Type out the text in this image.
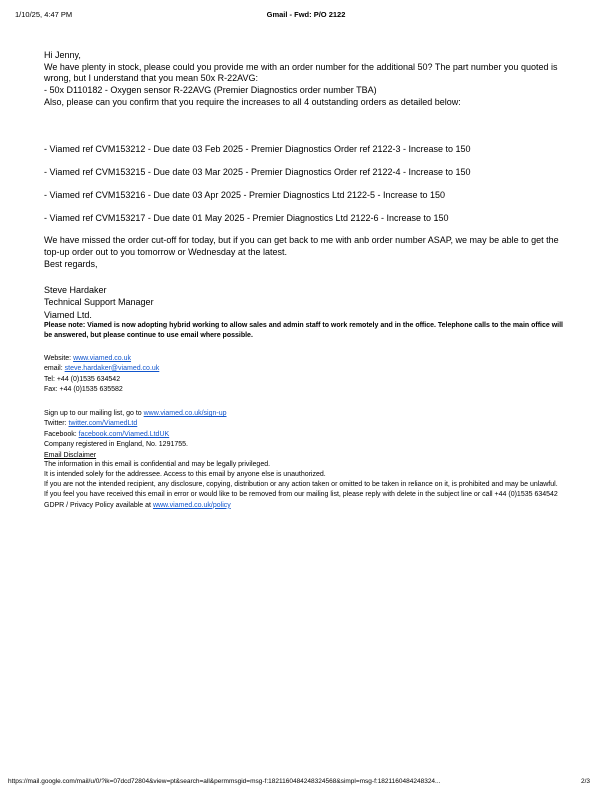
Gmail - Fwd: P/O 2122
1/10/25, 4:47 PM

Hi Jenny,

We have plenty in stock, please could you provide me with an order number for the additional 50? The part number you quoted is wrong, but I understand that you mean 50x R-22AVG:

- 50x D110182 - Oxygen sensor R-22AVG (Premier Diagnostics order number TBA)

Also, please can you confirm that you require the increases to all 4 outstanding orders as detailed below:

- Viamed ref CVM153212 - Due date 03 Feb 2025 - Premier Diagnostics Order ref 2122-3 - Increase to 150

- Viamed ref CVM153215 - Due date 03 Mar 2025 - Premier Diagnostics Order ref 2122-4 - Increase to 150

- Viamed ref CVM153216 - Due date 03 Apr 2025 - Premier Diagnostics Ltd 2122-5 - Increase to 150

- Viamed ref CVM153217 - Due date 01 May 2025 - Premier Diagnostics Ltd 2122-6 - Increase to 150

We have missed the order cut-off for today, but if you can get back to me with anb order number ASAP, we may be able to get the top-up order out to you tomorrow or Wednesday at the latest.

Best regards,

Steve Hardaker

Technical Support Manager

Viamed Ltd.

Please note: Viamed is now adopting hybrid working to allow sales and admin staff to work remotely and in the office. Telephone calls to the main office will be answered, but please continue to use email where possible.

Website: www.viamed.co.uk

email: steve.hardaker@viamed.co.uk

Tel: +44 (0)1535 634542

Fax: +44 (0)1535 635582

Sign up to our mailing list, go to www.viamed.co.uk/sign-up

Twitter: twitter.com/ViamedLtd

Facebook: facebook.com/Viamed.LtdUK

Company registered in England, No. 1291755.

Email Disclaimer

The information in this email is confidential and may be legally privileged.

It is intended solely for the addressee. Access to this email by anyone else is unauthorized.

If you are not the intended recipient, any disclosure, copying, distribution or any action taken or omitted to be taken in reliance on it, is prohibited and may be unlawful.

If you feel you have received this email in error or would like to be removed from our mailing list, please reply with delete in the subject line or call +44 (0)1535 634542

GDPR / Privacy Policy available at www.viamed.co.uk/policy

https://mail.google.com/mail/u/0/?ik=07dcd72804&view=pt&search=all&permmsgid=msg-f:1821160484248324568&simpl=msg-f:1821160484248324...	2/3
